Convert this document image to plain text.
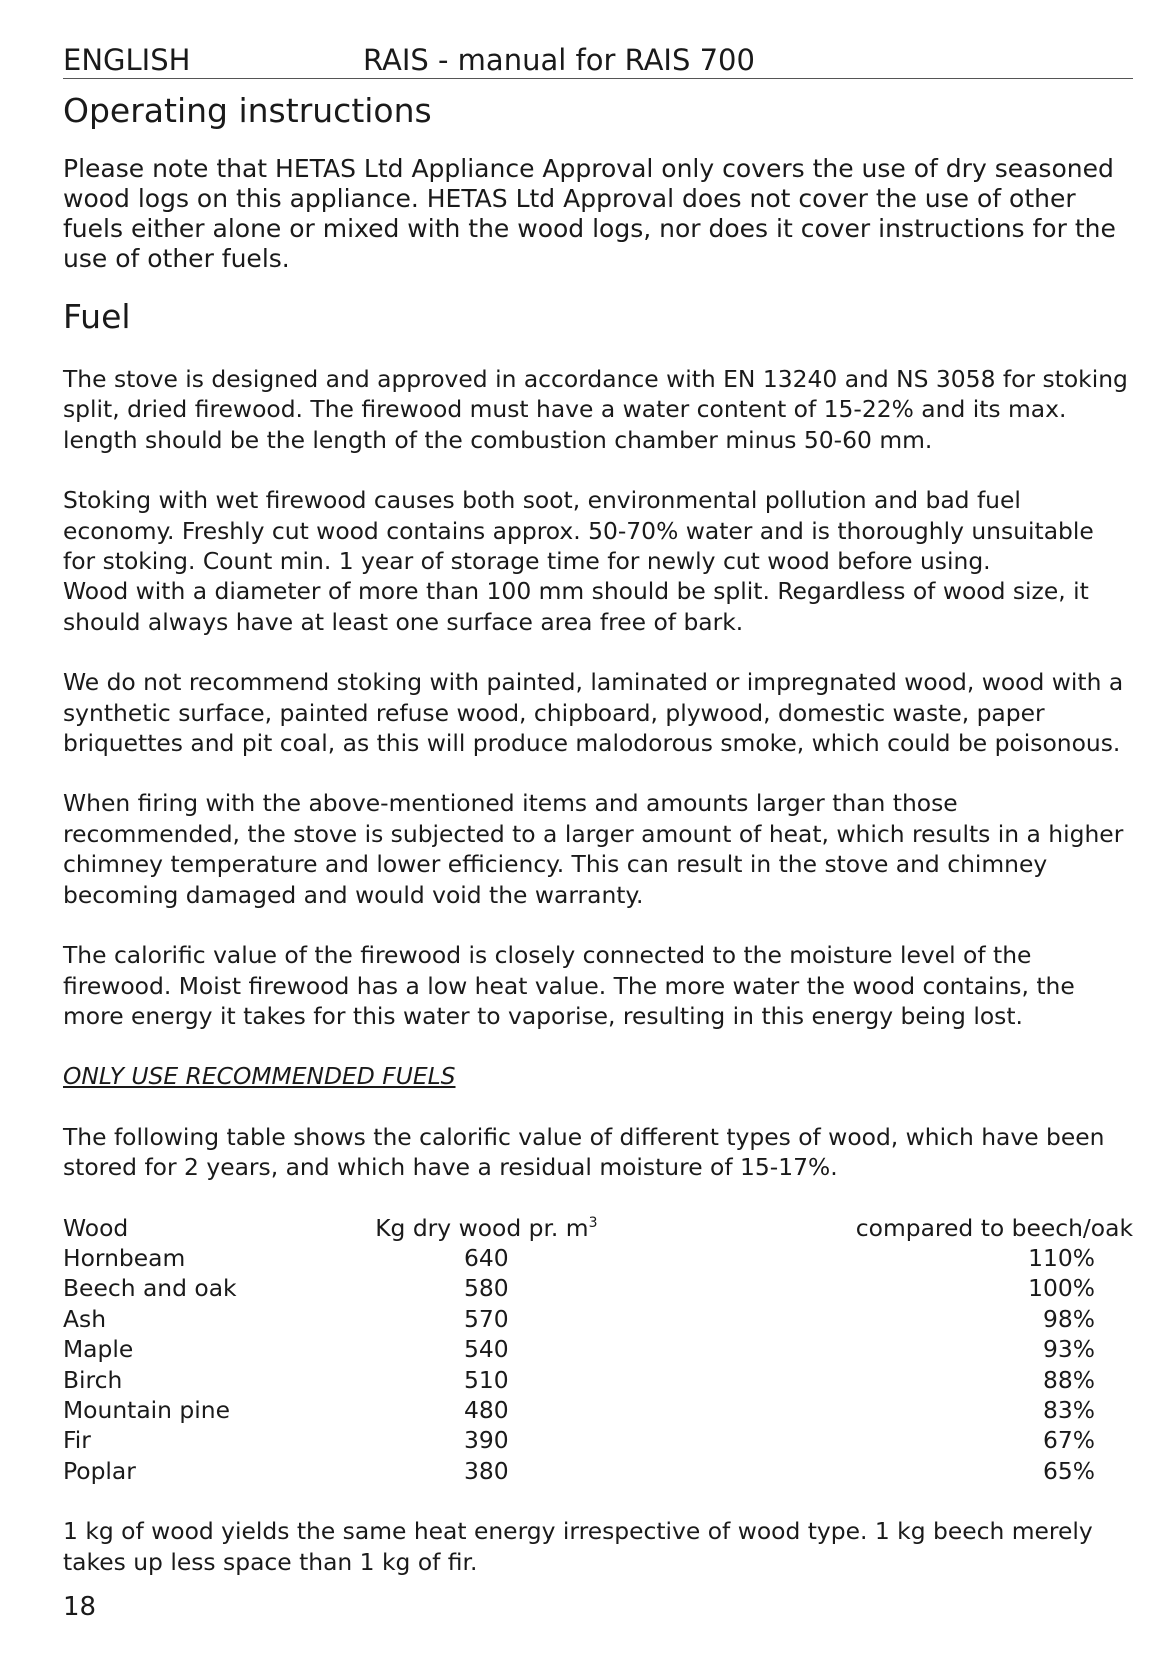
ENGLISH	RAIS - manual for RAIS 700
Operating instructions

Please note that HETAS Ltd Appliance Approval only covers the use of dry seasoned wood logs on this appliance. HETAS Ltd Approval does not cover the use of other fuels either alone or mixed with the wood logs, nor does it cover instructions for the use of other fuels.

Fuel

The stove is designed and approved in accordance with EN 13240 and NS 3058 for stoking split, dried firewood. The firewood must have a water content of 15-22% and its max. length should be the length of the combustion chamber minus 50-60 mm.

Stoking with wet firewood causes both soot, environmental pollution and bad fuel economy. Freshly cut wood contains approx. 50-70% water and is thoroughly unsuitable for stoking. Count min. 1 year of storage time for newly cut wood before using.

Wood with a diameter of more than 100 mm should be split. Regardless of wood size, it should always have at least one surface area free of bark.

We do not recommend stoking with painted, laminated or impregnated wood, wood with a synthetic surface, painted refuse wood, chipboard, plywood, domestic waste, paper briquettes and pit coal, as this will produce malodorous smoke, which could be poisonous.

When firing with the above-mentioned items and amounts larger than those recommended, the stove is subjected to a larger amount of heat, which results in a higher chimney temperature and lower efficiency. This can result in the stove and chimney becoming damaged and would void the warranty.

The calorific value of the firewood is closely connected to the moisture level of the firewood. Moist firewood has a low heat value. The more water the wood contains, the more energy it takes for this water to vaporise, resulting in this energy being lost.

ONLY USE RECOMMENDED FUELS

The following table shows the calorific value of different types of wood, which have been stored for 2 years, and which have a residual moisture of 15-17%.

Wood	Kg dry wood pr. $m^3$	compared to beech/oak
Hornbeam	640	110%
Beech and oak	580	100%
Ash	570	98%
Maple	540	93%
Birch	510	88%
Mountain pine	480	83%
Fir	390	67%
Poplar	380	65%

1 kg of wood yields the same heat energy irrespective of wood type. 1 kg beech merely takes up less space than 1 kg of fir.

18
